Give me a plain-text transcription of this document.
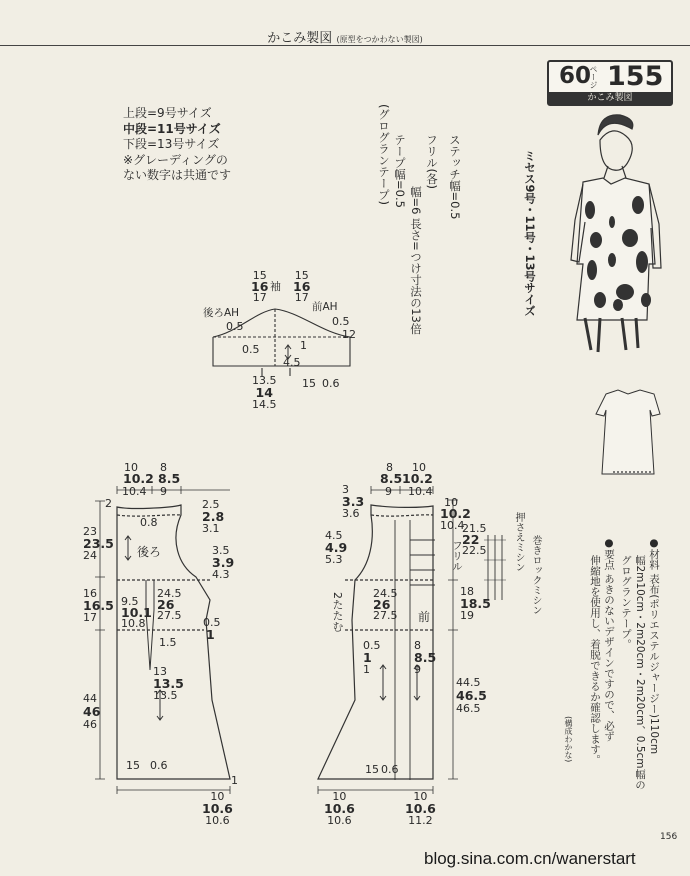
かこみ製図 (原型をつかわない製図)
60
ページ 155
かこみ製図
上段=9号サイズ
中段=11号サイズ
下段=13号サイズ
※グレーディングの
ない数字は共通です	ステッチ幅=0.5
フリル(各)
幅=6 長さ=つけ寸法の13倍
テープ幅=0.5
(グログランテープ)	ミセス9号・11号・13号サイズ
●材料 表布(ポリエステルジャージー)110cm
幅2m10cm・2m20cm・2m20cm、0.5cm幅の
グログランテープ。
●要点 あきのないデザインですので、必ず
伸縮地を使用し、着脱できるか確認します。
(構成わかな)
押さえミシン 巻きロックミシン
フリル
15
16
17
15
16
17
袖
後ろAH	前AH
0.5
0.5
0.5
12
4.5
1
15 0.6
13.5
14
14.5
後ろ
10
10.2
10.4
8
8.5
9
2
0.8
2.5
2.8
3.1
3.5
3.9
4.3
23
23.5
24
16
16.5
17
44
46
46
9.5
10.1
10.8
24.5
26
27.5
0.5
1
1.5
13
13.5
13.5
15 0.6
1
10
10.6
10.6
前
8
8.5
9
10
10.2
10.4
3
3.3
3.6
10
10.2
10.4
21.5
22
22.5
18
18.5
19
44.5
46.5
46.5
4.5
4.9
5.3
2たたむ	24.5
26
27.5
0.5
1
1
8
8.5
9
15 0.6
10
10.6
10.6
10
10.6
11.2
156
blog.sina.com.cn/wanerstart
